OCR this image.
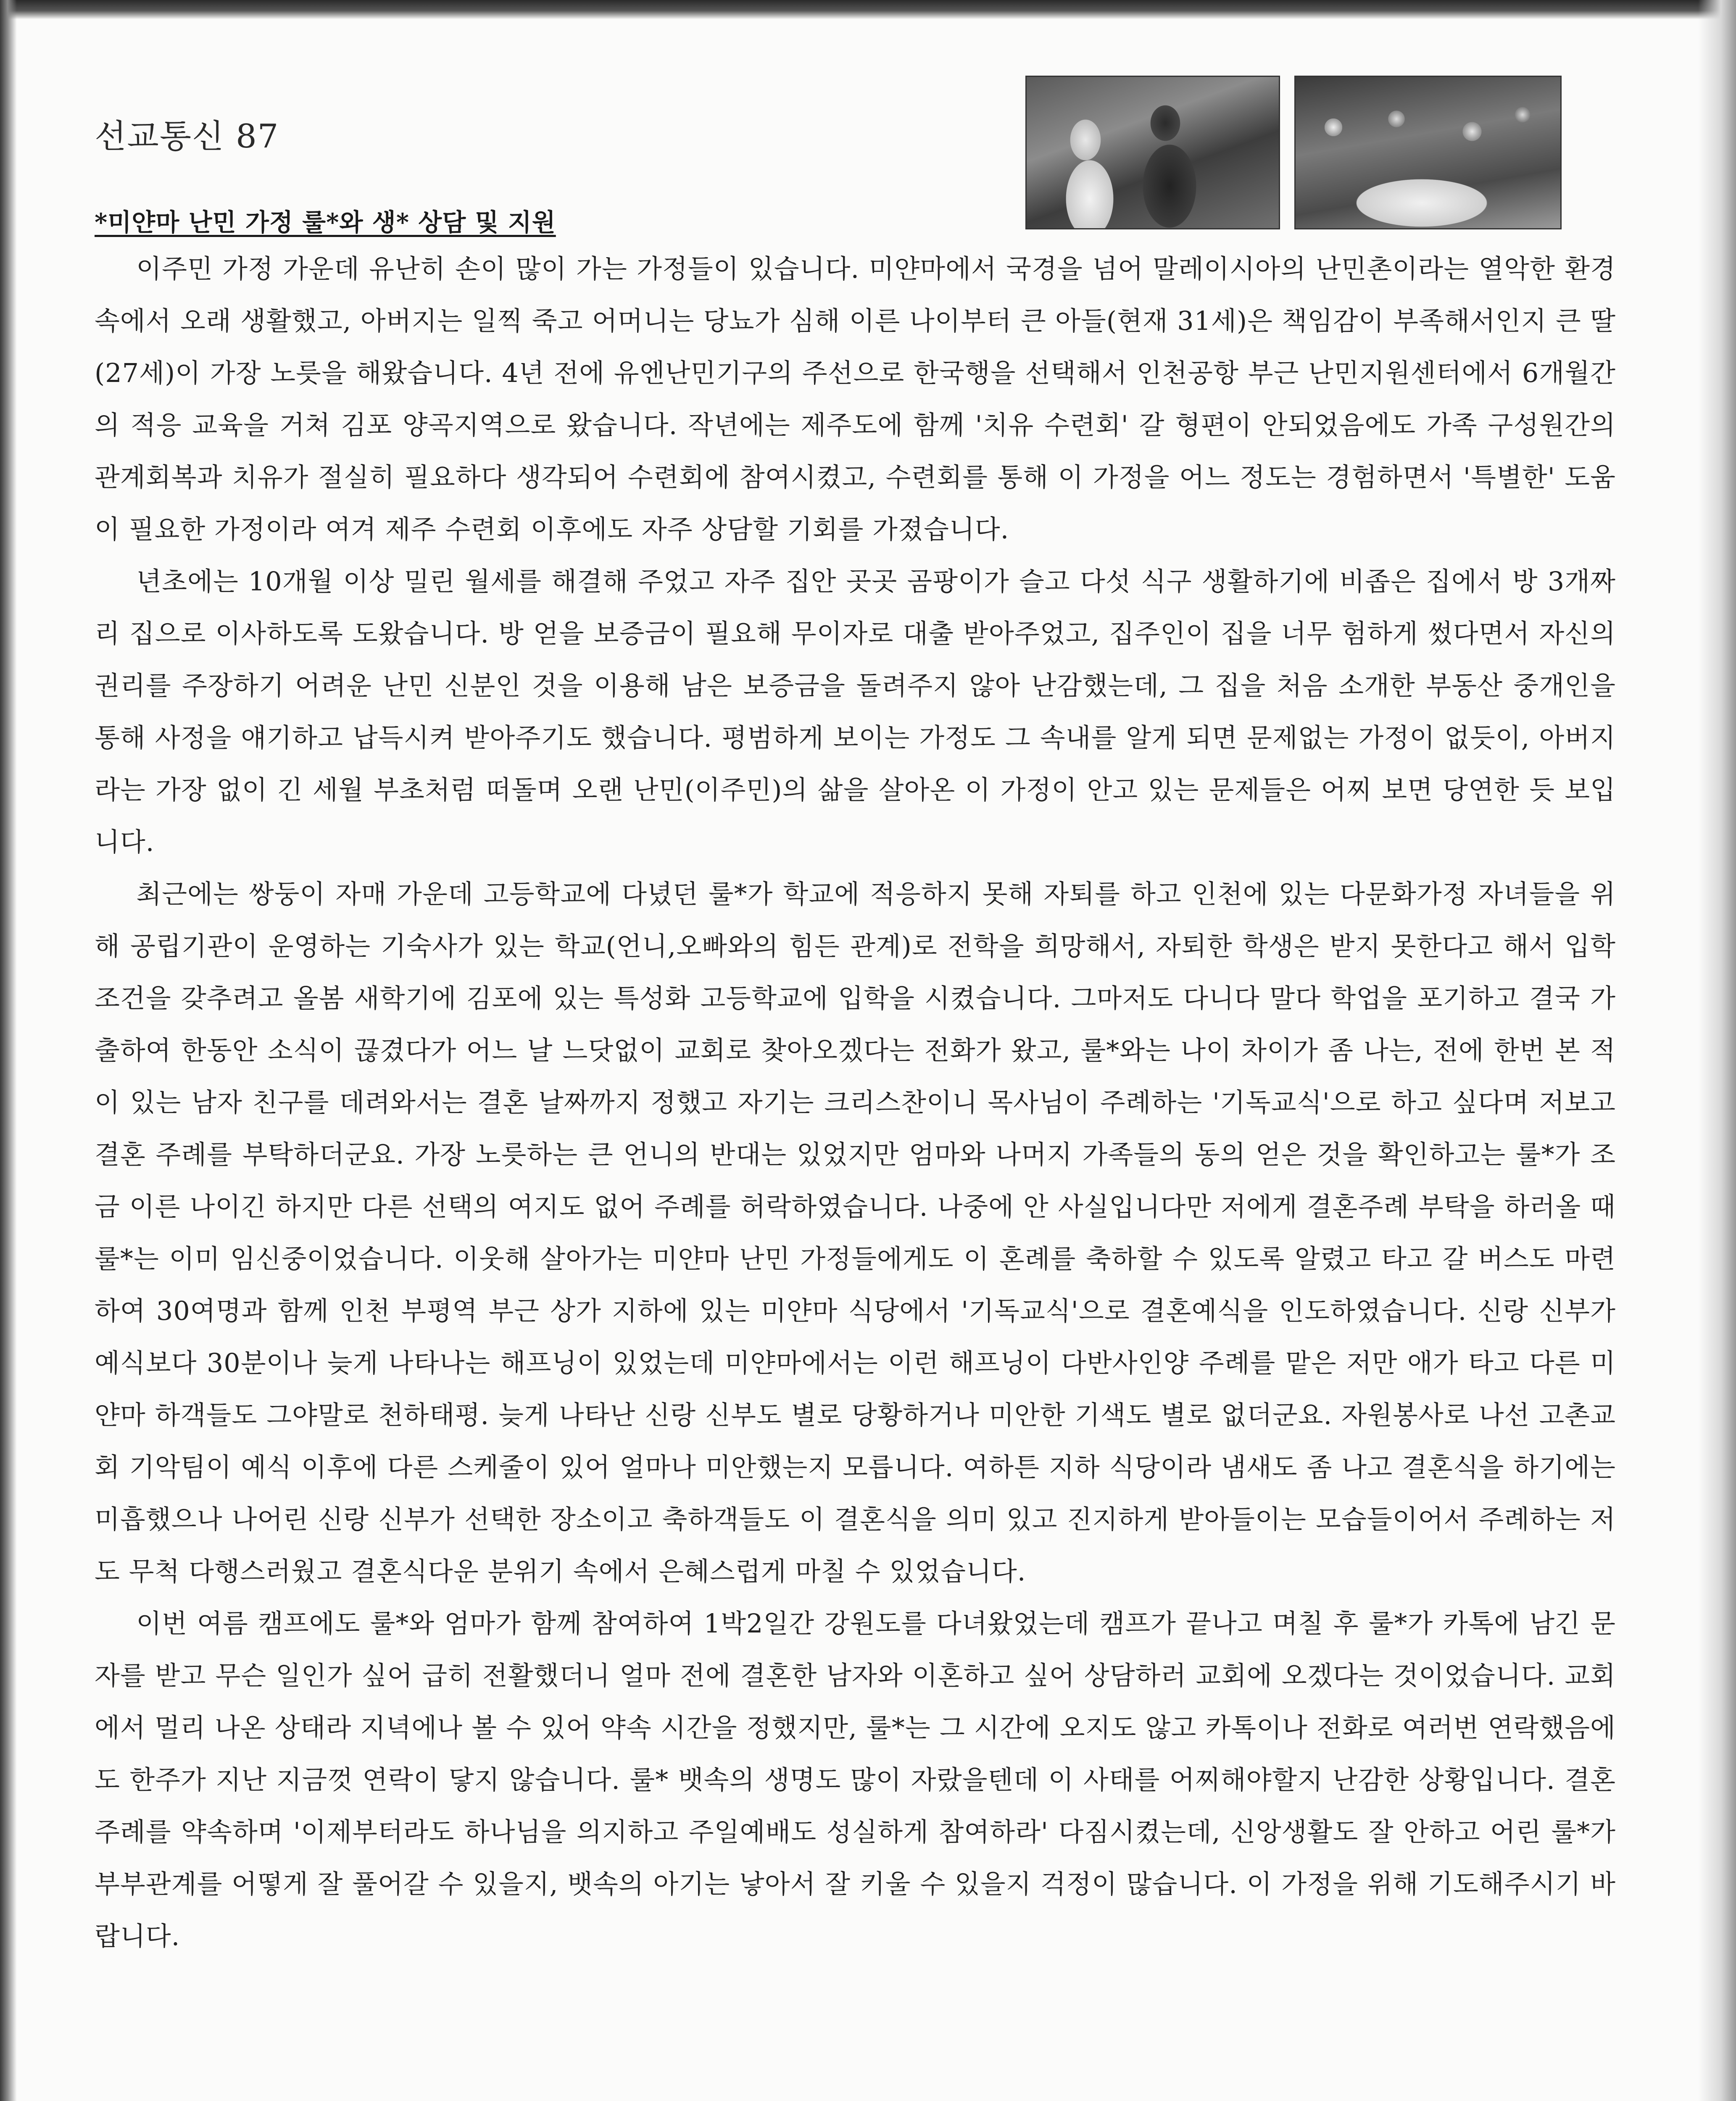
선교통신 87
*미얀마 난민 가정 룰*와 생* 상담 및 지원

이주민 가정 가운데 유난히 손이 많이 가는 가정들이 있습니다. 미얀마에서 국경을 넘어 말레이시아의 난민촌이라는 열악한 환경 속에서 오래 생활했고, 아버지는 일찍 죽고 어머니는 당뇨가 심해 이른 나이부터 큰 아들(현재 31세)은 책임감이 부족해서인지 큰 딸(27세)이 가장 노릇을 해왔습니다. 4년 전에 유엔난민기구의 주선으로 한국행을 선택해서 인천공항 부근 난민지원센터에서 6개월간의 적응 교육을 거쳐 김포 양곡지역으로 왔습니다. 작년에는 제주도에 함께 '치유 수련회' 갈 형편이 안되었음에도 가족 구성원간의 관계회복과 치유가 절실히 필요하다 생각되어 수련회에 참여시켰고, 수련회를 통해 이 가정을 어느 정도는 경험하면서 '특별한' 도움이 필요한 가정이라 여겨 제주 수련회 이후에도 자주 상담할 기회를 가졌습니다.

년초에는 10개월 이상 밀린 월세를 해결해 주었고 자주 집안 곳곳 곰팡이가 슬고 다섯 식구 생활하기에 비좁은 집에서 방 3개짜리 집으로 이사하도록 도왔습니다. 방 얻을 보증금이 필요해 무이자로 대출 받아주었고, 집주인이 집을 너무 험하게 썼다면서 자신의 권리를 주장하기 어려운 난민 신분인 것을 이용해 남은 보증금을 돌려주지 않아 난감했는데, 그 집을 처음 소개한 부동산 중개인을 통해 사정을 얘기하고 납득시켜 받아주기도 했습니다. 평범하게 보이는 가정도 그 속내를 알게 되면 문제없는 가정이 없듯이, 아버지라는 가장 없이 긴 세월 부초처럼 떠돌며 오랜 난민(이주민)의 삶을 살아온 이 가정이 안고 있는 문제들은 어찌 보면 당연한 듯 보입니다.

최근에는 쌍둥이 자매 가운데 고등학교에 다녔던 룰*가 학교에 적응하지 못해 자퇴를 하고 인천에 있는 다문화가정 자녀들을 위해 공립기관이 운영하는 기숙사가 있는 학교(언니,오빠와의 힘든 관계)로 전학을 희망해서, 자퇴한 학생은 받지 못한다고 해서 입학 조건을 갖추려고 올봄 새학기에 김포에 있는 특성화 고등학교에 입학을 시켰습니다. 그마저도 다니다 말다 학업을 포기하고 결국 가출하여 한동안 소식이 끊겼다가 어느 날 느닷없이 교회로 찾아오겠다는 전화가 왔고, 룰*와는 나이 차이가 좀 나는, 전에 한번 본 적이 있는 남자 친구를 데려와서는 결혼 날짜까지 정했고 자기는 크리스찬이니 목사님이 주례하는 '기독교식'으로 하고 싶다며 저보고 결혼 주례를 부탁하더군요. 가장 노릇하는 큰 언니의 반대는 있었지만 엄마와 나머지 가족들의 동의 얻은 것을 확인하고는 룰*가 조금 이른 나이긴 하지만 다른 선택의 여지도 없어 주례를 허락하였습니다. 나중에 안 사실입니다만 저에게 결혼주례 부탁을 하러올 때 룰*는 이미 임신중이었습니다. 이웃해 살아가는 미얀마 난민 가정들에게도 이 혼례를 축하할 수 있도록 알렸고 타고 갈 버스도 마련하여 30여명과 함께 인천 부평역 부근 상가 지하에 있는 미얀마 식당에서 '기독교식'으로 결혼예식을 인도하였습니다. 신랑 신부가 예식보다 30분이나 늦게 나타나는 해프닝이 있었는데 미얀마에서는 이런 해프닝이 다반사인양 주례를 맡은 저만 애가 타고 다른 미얀마 하객들도 그야말로 천하태평. 늦게 나타난 신랑 신부도 별로 당황하거나 미안한 기색도 별로 없더군요. 자원봉사로 나선 고촌교회 기악팀이 예식 이후에 다른 스케줄이 있어 얼마나 미안했는지 모릅니다. 여하튼 지하 식당이라 냄새도 좀 나고 결혼식을 하기에는 미흡했으나 나어린 신랑 신부가 선택한 장소이고 축하객들도 이 결혼식을 의미 있고 진지하게 받아들이는 모습들이어서 주례하는 저도 무척 다행스러웠고 결혼식다운 분위기 속에서 은혜스럽게 마칠 수 있었습니다.

이번 여름 캠프에도 룰*와 엄마가 함께 참여하여 1박2일간 강원도를 다녀왔었는데 캠프가 끝나고 며칠 후 룰*가 카톡에 남긴 문자를 받고 무슨 일인가 싶어 급히 전활했더니 얼마 전에 결혼한 남자와 이혼하고 싶어 상담하러 교회에 오겠다는 것이었습니다. 교회에서 멀리 나온 상태라 지녁에나 볼 수 있어 약속 시간을 정했지만, 룰*는 그 시간에 오지도 않고 카톡이나 전화로 여러번 연락했음에도 한주가 지난 지금껏 연락이 닿지 않습니다. 룰* 뱃속의 생명도 많이 자랐을텐데 이 사태를 어찌해야할지 난감한 상황입니다. 결혼 주례를 약속하며 '이제부터라도 하나님을 의지하고 주일예배도 성실하게 참여하라' 다짐시켰는데, 신앙생활도 잘 안하고 어린 룰*가 부부관계를 어떻게 잘 풀어갈 수 있을지, 뱃속의 아기는 낳아서 잘 키울 수 있을지 걱정이 많습니다. 이 가정을 위해 기도해주시기 바랍니다.
